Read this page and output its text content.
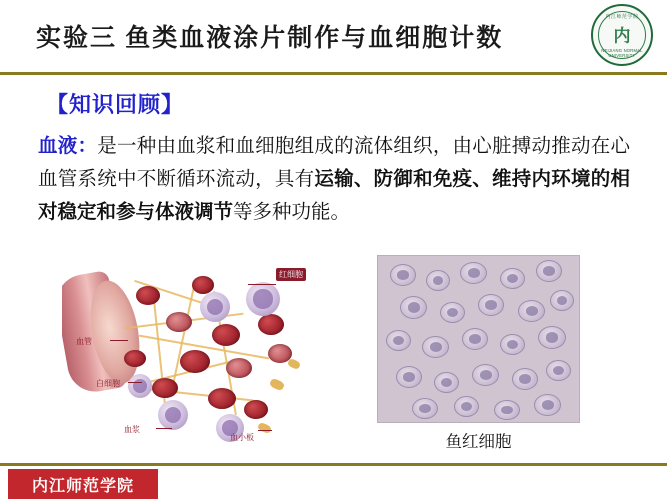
实验三 鱼类血液涂片制作与血细胞计数
内江师范学院
内
NEIJIANG NORMAL UNIVERSITY
【知识回顾】
血液：是一种由血浆和血细胞组成的流体组织，由心脏搏动推动在心血管系统中不断循环流动，具有运输、防御和免疫、维持内环境的相对稳定和参与体液调节等多种功能。
红细胞
血管
白细胞
血浆
血小板	鱼红细胞
内江师范学院
